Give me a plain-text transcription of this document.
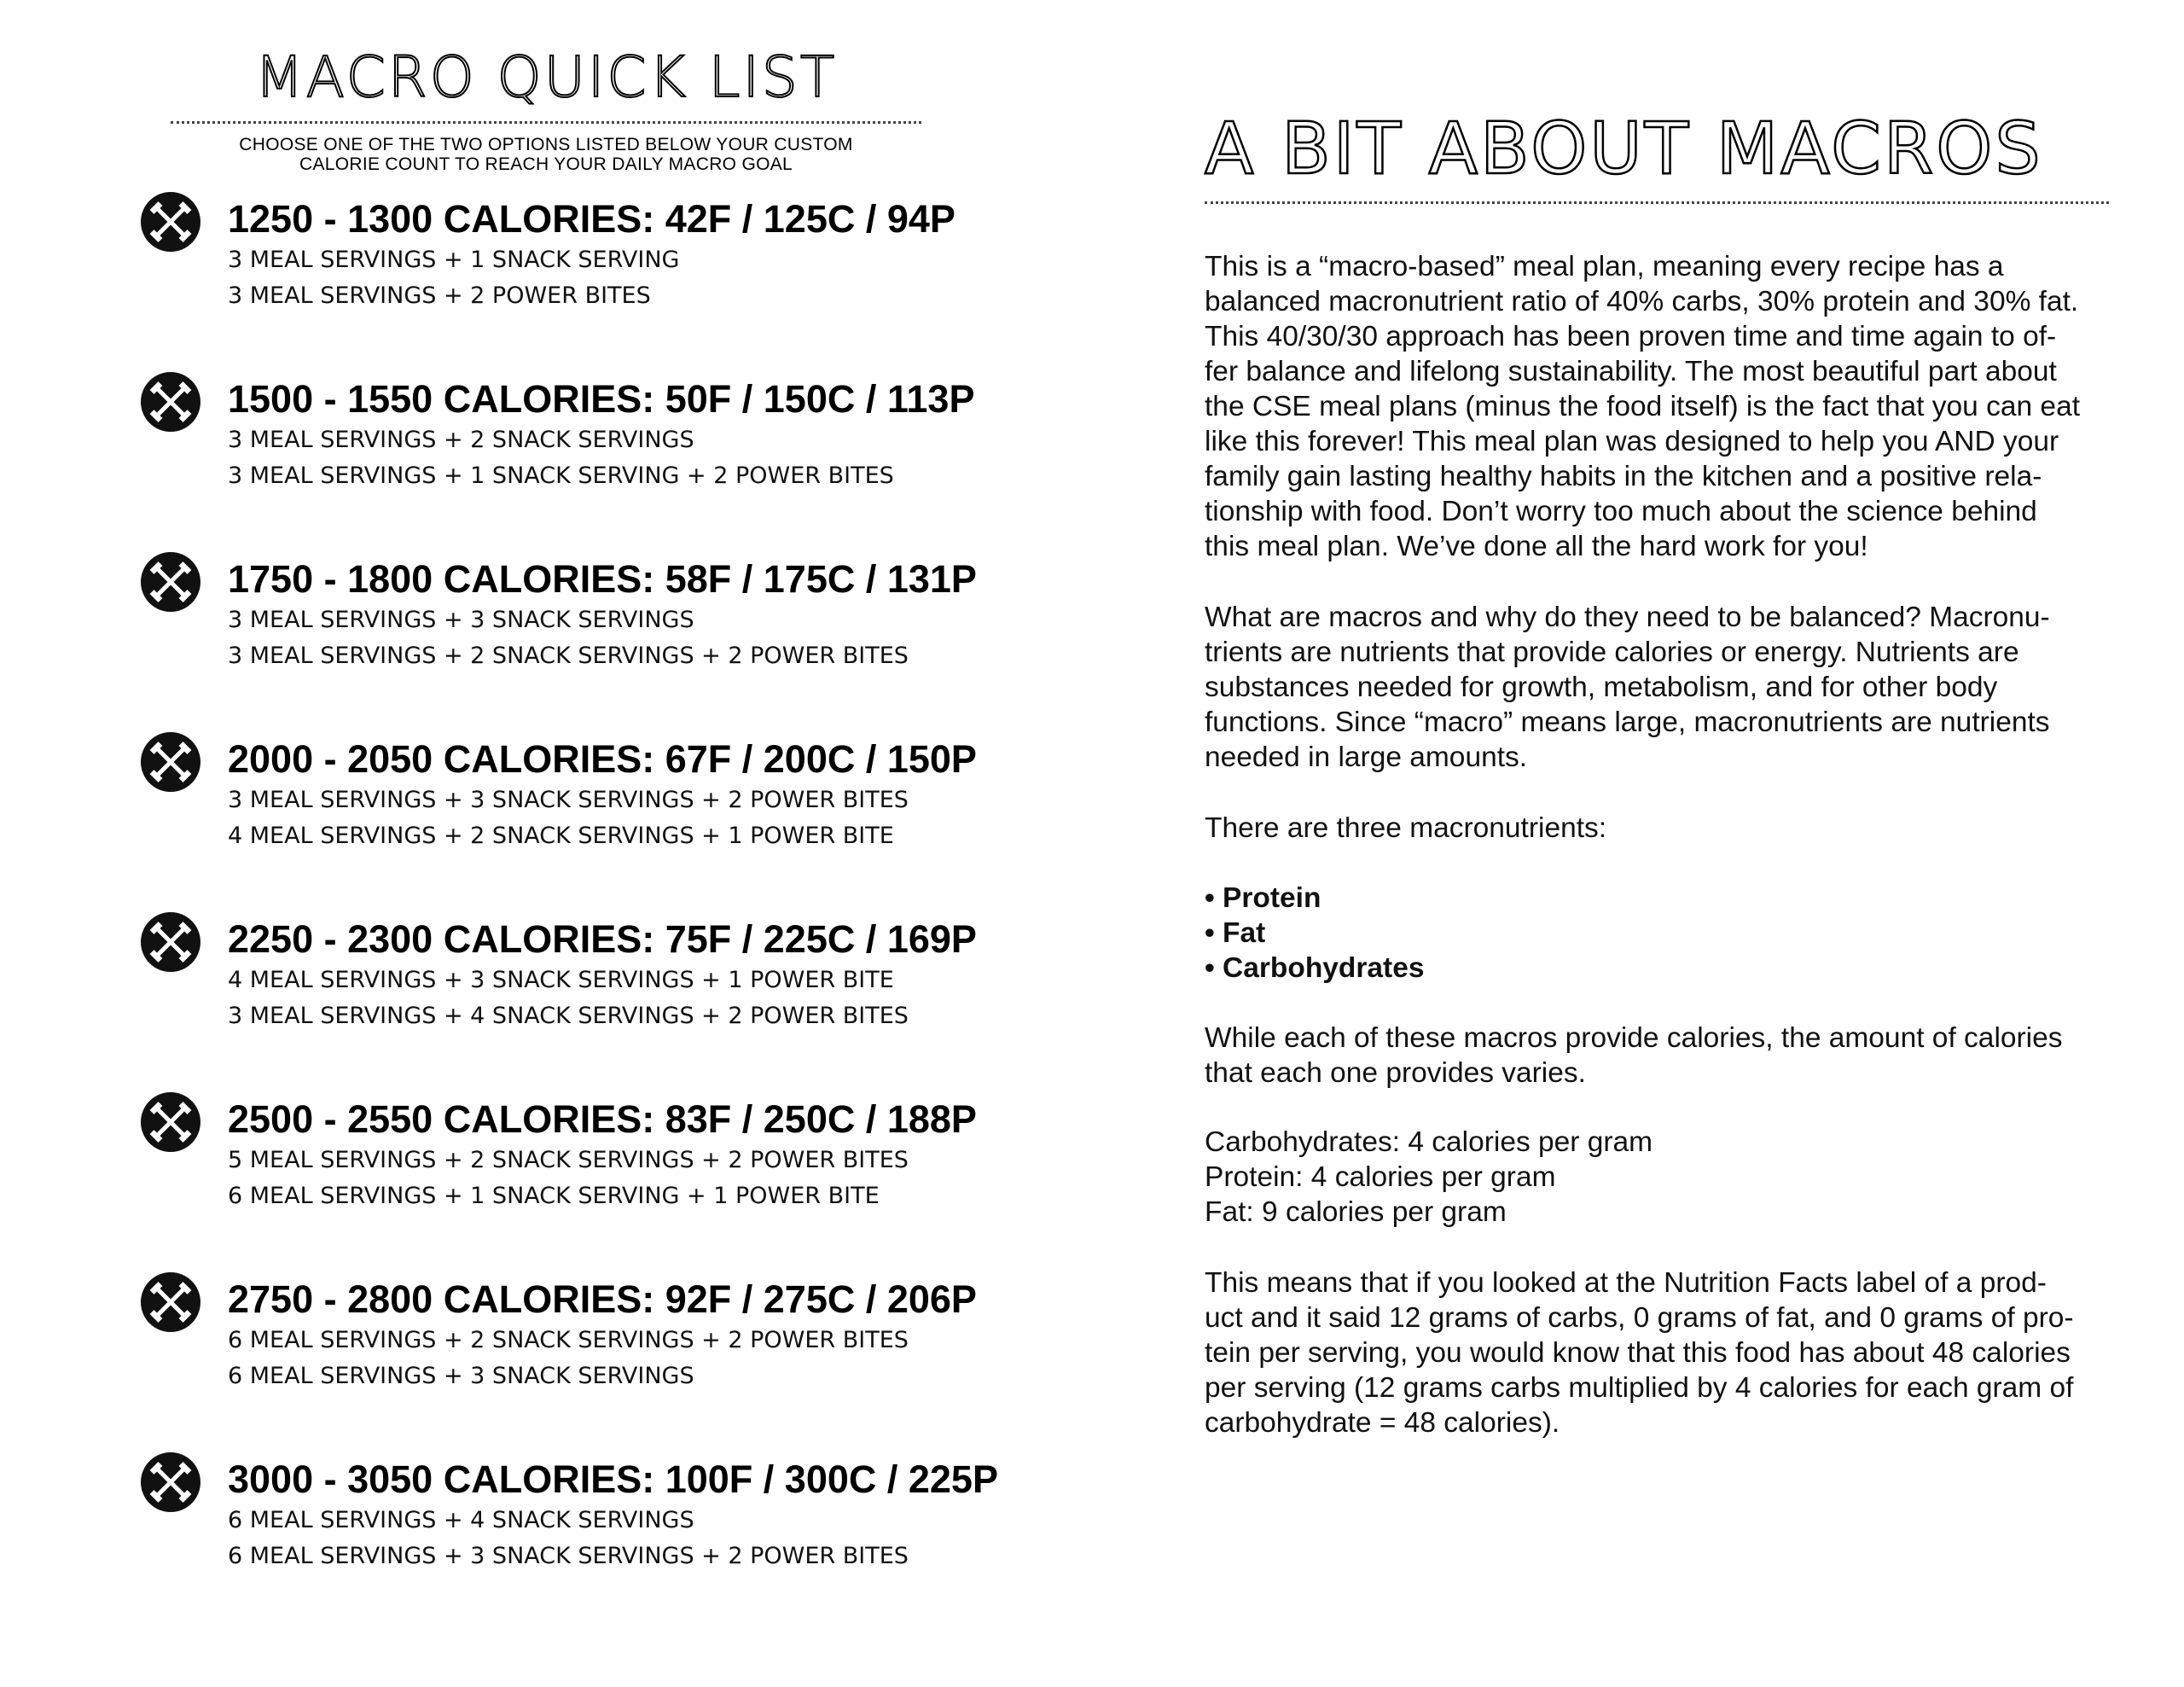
MACRO QUICK LIST
CHOOSE ONE OF THE TWO OPTIONS LISTED BELOW YOUR CUSTOM
CALORIE COUNT TO REACH YOUR DAILY MACRO GOAL
1250 - 1300 CALORIES: 42F / 125C / 94P
3 MEAL SERVINGS + 1 SNACK SERVING
3 MEAL SERVINGS + 2 POWER BITES
1500 - 1550 CALORIES: 50F / 150C / 113P
3 MEAL SERVINGS + 2 SNACK SERVINGS
3 MEAL SERVINGS + 1 SNACK SERVING + 2 POWER BITES
1750 - 1800 CALORIES: 58F / 175C / 131P
3 MEAL SERVINGS + 3 SNACK SERVINGS
3 MEAL SERVINGS + 2 SNACK SERVINGS + 2 POWER BITES
2000 - 2050 CALORIES: 67F / 200C / 150P
3 MEAL SERVINGS + 3 SNACK SERVINGS + 2 POWER BITES
4 MEAL SERVINGS + 2 SNACK SERVINGS + 1 POWER BITE
2250 - 2300 CALORIES: 75F / 225C / 169P
4 MEAL SERVINGS + 3 SNACK SERVINGS + 1 POWER BITE
3 MEAL SERVINGS + 4 SNACK SERVINGS + 2 POWER BITES
2500 - 2550 CALORIES: 83F / 250C / 188P
5 MEAL SERVINGS + 2 SNACK SERVINGS + 2 POWER BITES
6 MEAL SERVINGS + 1 SNACK SERVING + 1 POWER BITE
2750 - 2800 CALORIES: 92F / 275C / 206P
6 MEAL SERVINGS + 2 SNACK SERVINGS + 2 POWER BITES
6 MEAL SERVINGS + 3 SNACK SERVINGS
3000 - 3050 CALORIES: 100F / 300C / 225P
6 MEAL SERVINGS + 4 SNACK SERVINGS
6 MEAL SERVINGS + 3 SNACK SERVINGS + 2 POWER BITES
A BIT ABOUT MACROS
This is a “macro-based” meal plan, meaning every recipe has a
balanced macronutrient ratio of 40% carbs, 30% protein and 30% fat.
This 40/30/30 approach has been proven time and time again to of-
fer balance and lifelong sustainability. The most beautiful part about
the CSE meal plans (minus the food itself) is the fact that you can eat
like this forever! This meal plan was designed to help you AND your
family gain lasting healthy habits in the kitchen and a positive rela-
tionship with food. Don’t worry too much about the science behind
this meal plan. We’ve done all the hard work for you!
What are macros and why do they need to be balanced? Macronu-
trients are nutrients that provide calories or energy. Nutrients are
substances needed for growth, metabolism, and for other body
functions. Since “macro” means large, macronutrients are nutrients
needed in large amounts.
There are three macronutrients:
• Protein
• Fat
• Carbohydrates
While each of these macros provide calories, the amount of calories
that each one provides varies.
Carbohydrates: 4 calories per gram
Protein: 4 calories per gram
Fat: 9 calories per gram
This means that if you looked at the Nutrition Facts label of a prod-
uct and it said 12 grams of carbs, 0 grams of fat, and 0 grams of pro-
tein per serving, you would know that this food has about 48 calories
per serving (12 grams carbs multiplied by 4 calories for each gram of
carbohydrate = 48 calories).
